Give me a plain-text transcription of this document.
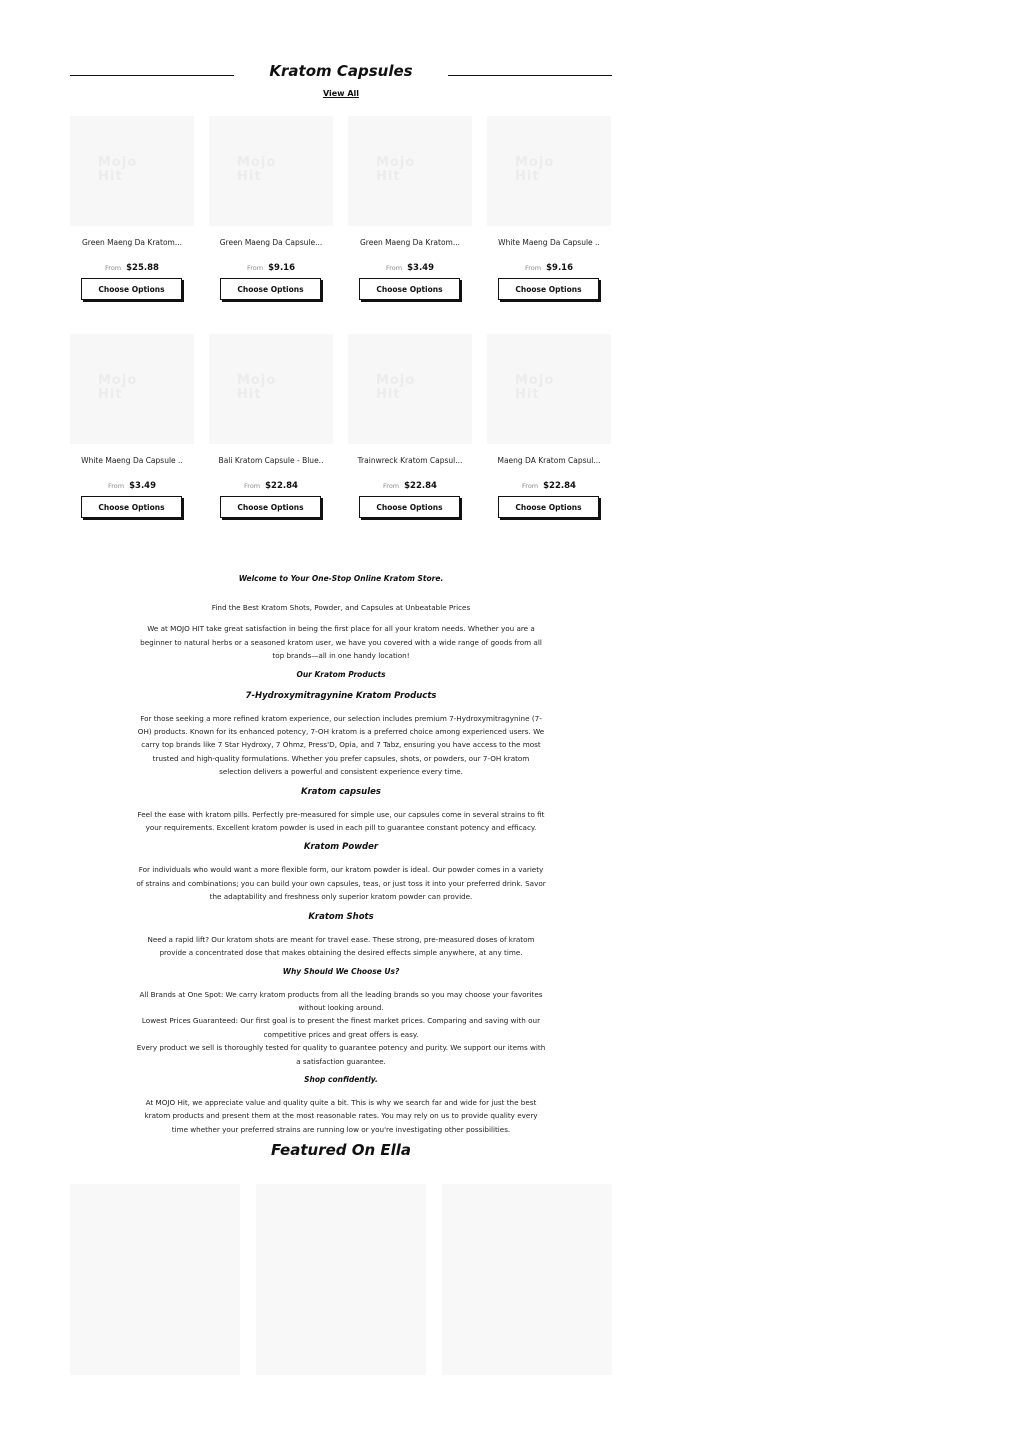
Kratom Capsules
View All
Mojo
Hit
Green Maeng Da Kratom...
From $25.88
Choose Options
Mojo
Hit
Green Maeng Da Capsule...
From $9.16
Choose Options
Mojo
Hit
Green Maeng Da Kratom...
From $3.49
Choose Options
Mojo
Hit
White Maeng Da Capsule ..
From $9.16
Choose Options
Mojo
Hit
White Maeng Da Capsule ..
From $3.49
Choose Options
Mojo
Hit
Bali Kratom Capsule - Blue..
From $22.84
Choose Options
Mojo
Hit
Trainwreck Kratom Capsul...
From $22.84
Choose Options
Mojo
Hit
Maeng DA Kratom Capsul...
From $22.84
Choose Options
Welcome to Your One-Stop Online Kratom Store.

Find the Best Kratom Shots, Powder, and Capsules at Unbeatable Prices

We at MOJO HIT take great satisfaction in being the first place for all your kratom needs. Whether you are a beginner to natural herbs or a seasoned kratom user, we have you covered with a wide range of goods from all top brands—all in one handy location!

Our Kratom Products
7-Hydroxymitragynine Kratom Products

For those seeking a more refined kratom experience, our selection includes premium 7-Hydroxymitragynine (7-OH) products. Known for its enhanced potency, 7-OH kratom is a preferred choice among experienced users. We carry top brands like 7 Star Hydroxy, 7 Ohmz, Press'D, Opia, and 7 Tabz, ensuring you have access to the most trusted and high-quality formulations. Whether you prefer capsules, shots, or powders, our 7-OH kratom selection delivers a powerful and consistent experience every time.

Kratom capsules

Feel the ease with kratom pills. Perfectly pre-measured for simple use, our capsules come in several strains to fit your requirements. Excellent kratom powder is used in each pill to guarantee constant potency and efficacy.

Kratom Powder

For individuals who would want a more flexible form, our kratom powder is ideal. Our powder comes in a variety of strains and combinations; you can build your own capsules, teas, or just toss it into your preferred drink. Savor the adaptability and freshness only superior kratom powder can provide.

Kratom Shots

Need a rapid lift? Our kratom shots are meant for travel ease. These strong, pre-measured doses of kratom provide a concentrated dose that makes obtaining the desired effects simple anywhere, at any time.

Why Should We Choose Us?

All Brands at One Spot: We carry kratom products from all the leading brands so you may choose your favorites without looking around.

Lowest Prices Guaranteed: Our first goal is to present the finest market prices. Comparing and saving with our competitive prices and great offers is easy.

Every product we sell is thoroughly tested for quality to guarantee potency and purity. We support our items with a satisfaction guarantee.

Shop confidently.

At MOJO Hit, we appreciate value and quality quite a bit. This is why we search far and wide for just the best kratom products and present them at the most reasonable rates. You may rely on us to provide quality every time whether your preferred strains are running low or you're investigating other possibilities.

Featured On Ella
